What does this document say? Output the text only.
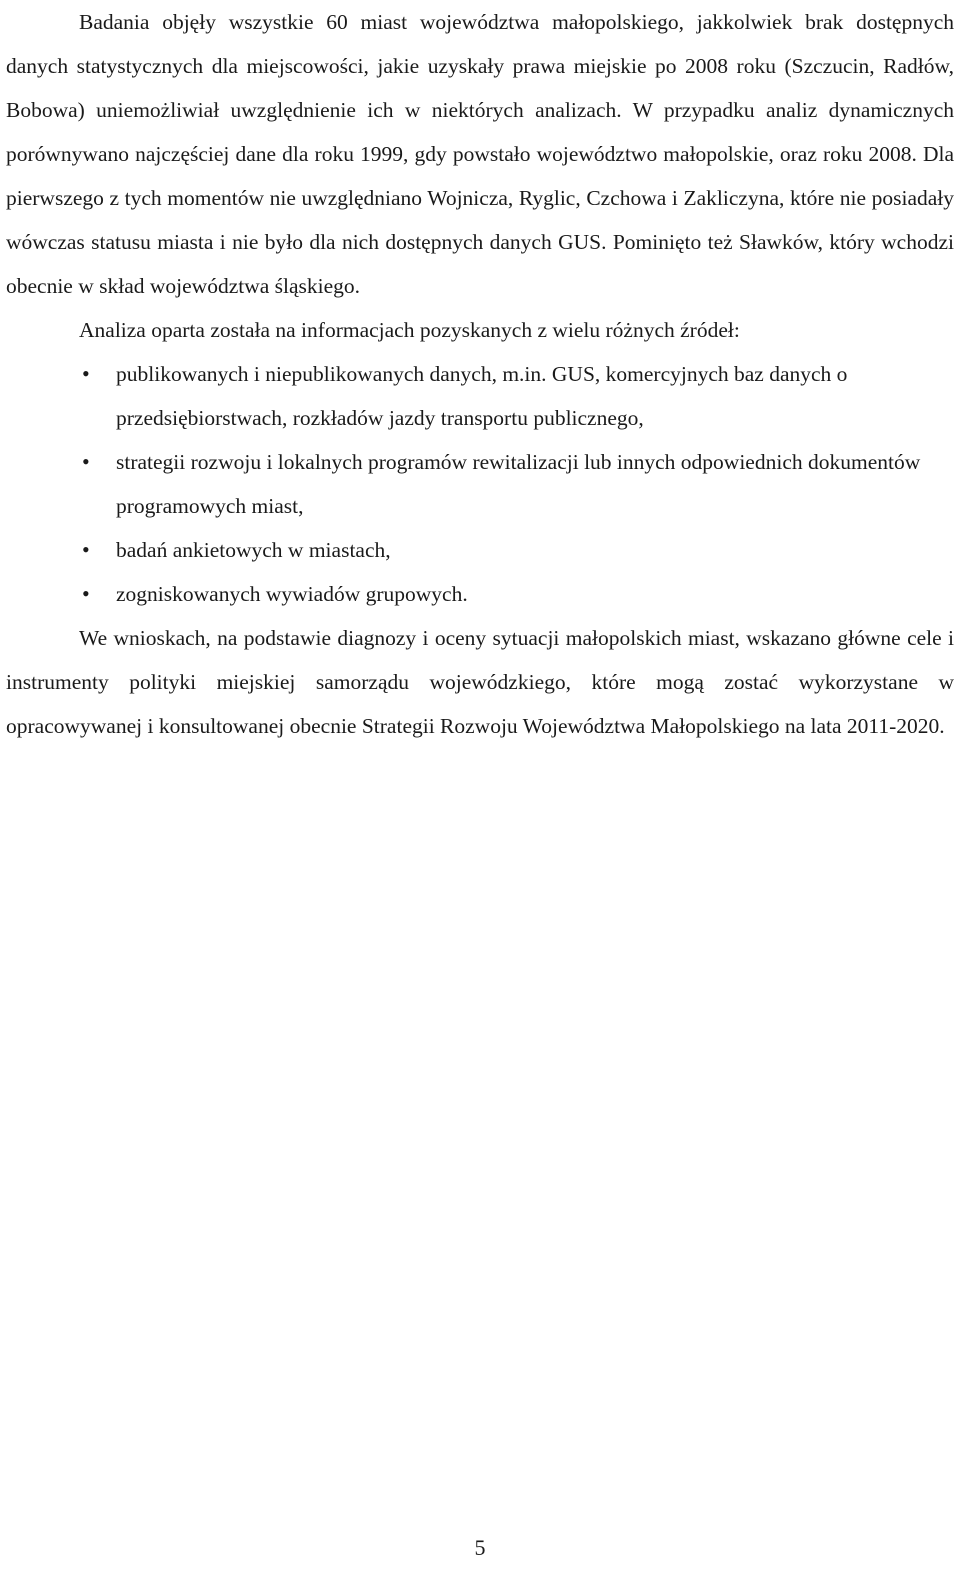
Badania objęły wszystkie 60 miast województwa małopolskiego, jakkolwiek brak dostępnych danych statystycznych dla miejscowości, jakie uzyskały prawa miejskie po 2008 roku (Szczucin, Radłów, Bobowa) uniemożliwiał uwzględnienie ich w niektórych analizach. W przypadku analiz dynamicznych porównywano najczęściej dane dla roku 1999, gdy powstało województwo małopolskie, oraz roku 2008. Dla pierwszego z tych momentów nie uwzględniano Wojnicza, Ryglic, Czchowa i Zakliczyna, które nie posiadały wówczas statusu miasta i nie było dla nich dostępnych danych GUS. Pominięto też Sławków, który wchodzi obecnie w skład województwa śląskiego.

Analiza oparta została na informacjach pozyskanych z wielu różnych źródeł:

• publikowanych i niepublikowanych danych, m.in. GUS, komercyjnych baz danych o przedsiębiorstwach, rozkładów jazdy transportu publicznego,
• strategii rozwoju i lokalnych programów rewitalizacji lub innych odpowiednich dokumentów programowych miast,
• badań ankietowych w miastach,
• zogniskowanych wywiadów grupowych.

We wnioskach, na podstawie diagnozy i oceny sytuacji małopolskich miast, wskazano główne cele i instrumenty polityki miejskiej samorządu wojewódzkiego, które mogą zostać wykorzystane w opracowywanej i konsultowanej obecnie Strategii Rozwoju Województwa Małopolskiego na lata 2011-2020.

5
